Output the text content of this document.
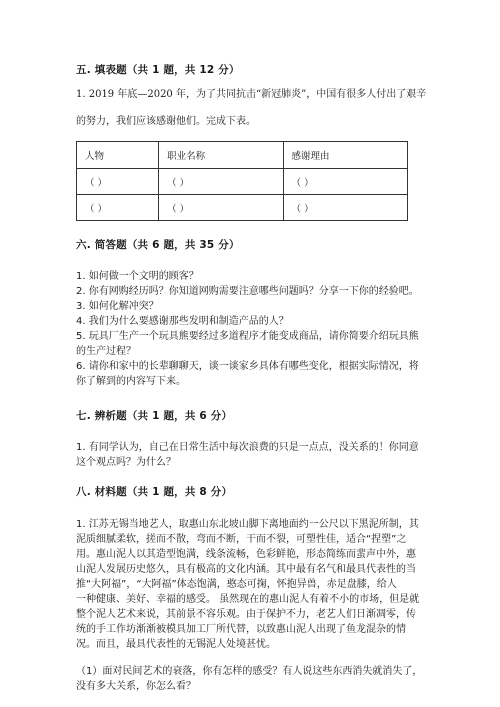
五. 填表题（共 1 题，共 12 分）
1. 2019 年底—2020 年，为了共同抗击“新冠肺炎”，中国有很多人付出了艰辛
的努力，我们应该感谢他们。完成下表。
人物	职业名称	感谢理由
（ ）	（ ）	（ ）
（ ）	（ ）	（ ）
六. 简答题（共 6 题，共 35 分）
1. 如何做一个文明的顾客？
2. 你有网购经历吗？你知道网购需要注意哪些问题吗？分享一下你的经验吧。
3. 如何化解冲突？
4. 我们为什么要感谢那些发明和制造产品的人？
5. 玩具厂生产一个玩具熊要经过多道程序才能变成商品，请你简要介绍玩具熊
的生产过程？
6. 请你和家中的长辈聊聊天，谈一谈家乡具体有哪些变化，根据实际情况，将
你了解到的内容写下来。
七. 辨析题（共 1 题，共 6 分）
1. 有同学认为，自己在日常生活中每次浪费的只是一点点，没关系的！你同意
这个观点吗？为什么？
八. 材料题（共 1 题，共 8 分）
1. 江苏无锡当地艺人，取惠山东北坡山脚下离地面约一公尺以下黑泥所制，其
泥质细腻柔软，搓而不散，弯而不断，干而不裂，可塑性佳，适合“捏塑”之
用。惠山泥人以其造型饱满，线条流畅，色彩鲜艳，形态简练而蜚声中外，惠
山泥人发展历史悠久，具有极高的文化内涵。其中最有名气和最具代表性的当
推“大阿福”，“大阿福”体态饱满，憨态可掬，怀抱异兽，赤足盘膝，给人
一种健康、美好、幸福的感受。 虽然现在的惠山泥人有着不小的市场，但是就
整个泥人艺术来说，其前景不容乐观。由于保护不力，老艺人们日渐凋零，传
统的手工作坊渐渐被模具加工厂所代替，以致惠山泥人出现了鱼龙混杂的情
况。而且，最具代表性的无锡泥人处境甚忧。
（1）面对民间艺术的衰落，你有怎样的感受？有人说这些东西消失就消失了，
没有多大关系，你怎么看？
